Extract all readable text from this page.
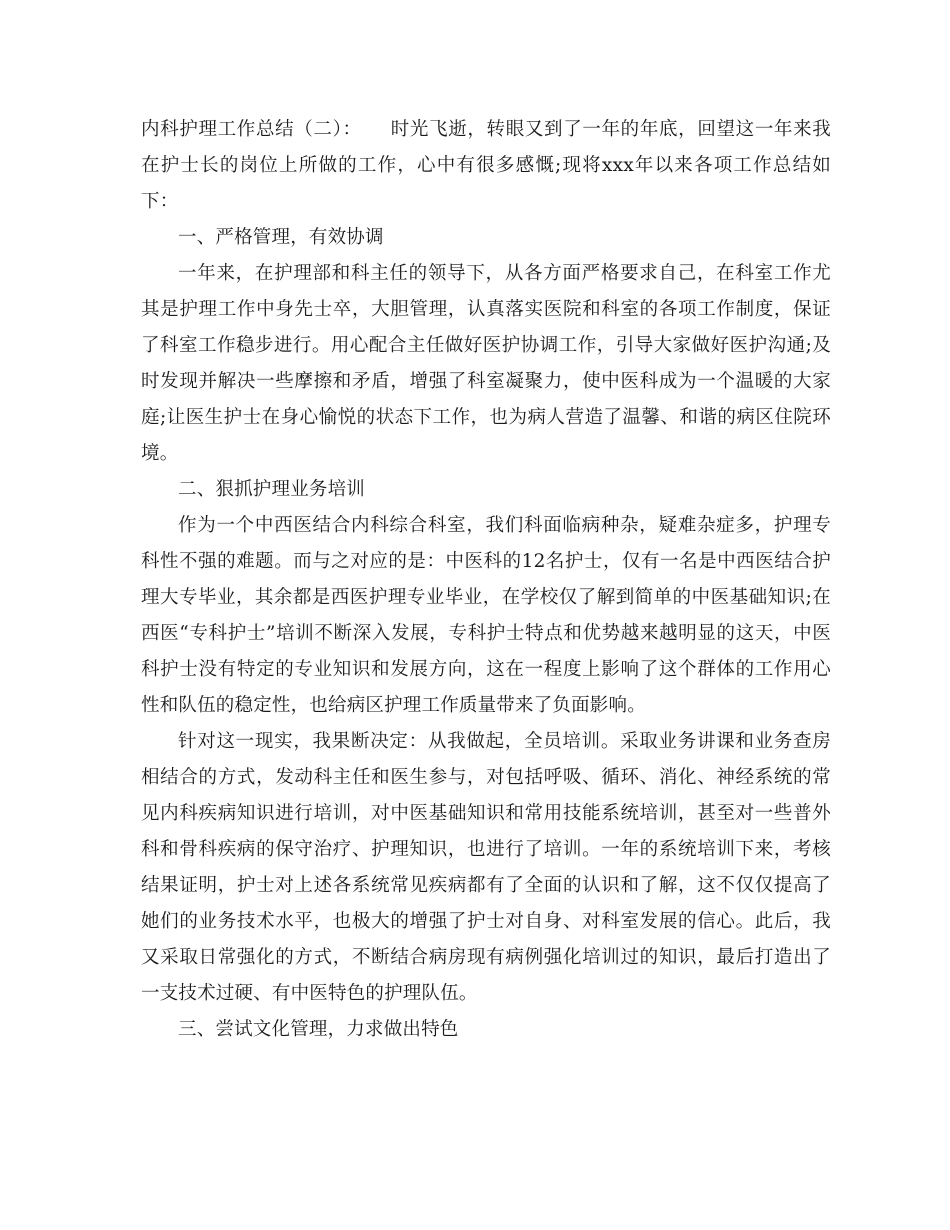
内科护理工作总结（二）：　　时光飞逝，转眼又到了一年的年底，回望这一年来我在护士长的岗位上所做的工作，心中有很多感慨;现将xxx年以来各项工作总结如下：

一、严格管理，有效协调

一年来，在护理部和科主任的领导下，从各方面严格要求自己，在科室工作尤其是护理工作中身先士卒，大胆管理，认真落实医院和科室的各项工作制度，保证了科室工作稳步进行。用心配合主任做好医护协调工作，引导大家做好医护沟通;及时发现并解决一些摩擦和矛盾，增强了科室凝聚力，使中医科成为一个温暖的大家庭;让医生护士在身心愉悦的状态下工作，也为病人营造了温馨、和谐的病区住院环境。

二、狠抓护理业务培训

作为一个中西医结合内科综合科室，我们科面临病种杂，疑难杂症多，护理专科性不强的难题。而与之对应的是：中医科的12名护士，仅有一名是中西医结合护理大专毕业，其余都是西医护理专业毕业，在学校仅了解到简单的中医基础知识;在西医“专科护士”培训不断深入发展，专科护士特点和优势越来越明显的这天，中医科护士没有特定的专业知识和发展方向，这在一程度上影响了这个群体的工作用心性和队伍的稳定性，也给病区护理工作质量带来了负面影响。

针对这一现实，我果断决定：从我做起，全员培训。采取业务讲课和业务查房相结合的方式，发动科主任和医生参与，对包括呼吸、循环、消化、神经系统的常见内科疾病知识进行培训，对中医基础知识和常用技能系统培训，甚至对一些普外科和骨科疾病的保守治疗、护理知识，也进行了培训。一年的系统培训下来，考核结果证明，护士对上述各系统常见疾病都有了全面的认识和了解，这不仅仅提高了她们的业务技术水平，也极大的增强了护士对自身、对科室发展的信心。此后，我又采取日常强化的方式，不断结合病房现有病例强化培训过的知识，最后打造出了一支技术过硬、有中医特色的护理队伍。

三、尝试文化管理，力求做出特色
